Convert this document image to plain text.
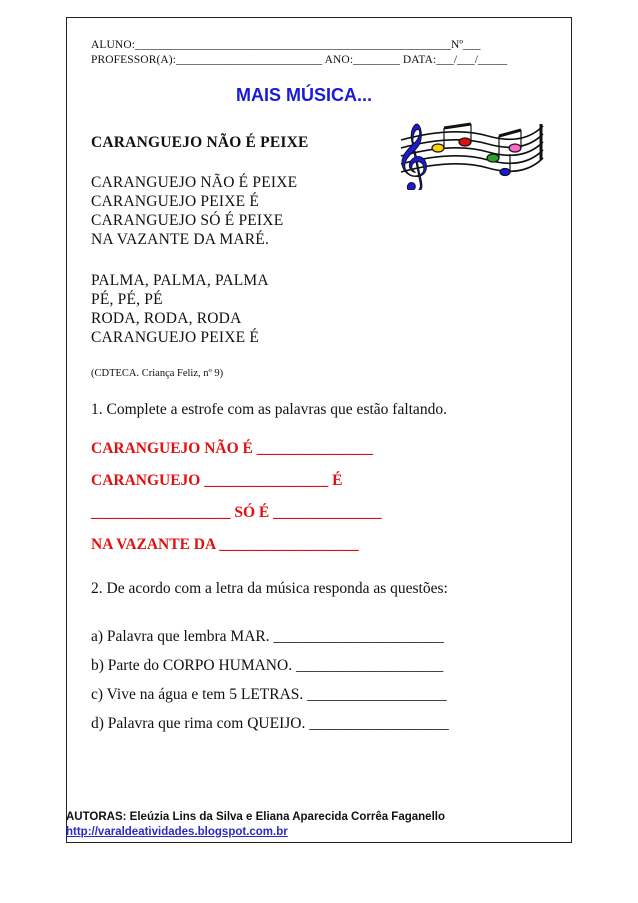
ALUNO:______________________________________________________Nº___
PROFESSOR(A):_________________________ ANO:________ DATA:___/___/_____
MAIS MÚSICA...

𝄞

CARANGUEJO NÃO É PEIXE
CARANGUEJO NÃO É PEIXE
CARANGUEJO PEIXE É
CARANGUEJO SÓ É PEIXE
NA VAZANTE DA MARÉ.
PALMA, PALMA, PALMA
PÉ, PÉ, PÉ
RODA, RODA, RODA
CARANGUEJO PEIXE É
(CDTECA. Criança Feliz, nº 9)
1. Complete a estrofe com as palavras que estão faltando.
CARANGUEJO NÃO É _______________
CARANGUEJO ________________ É
__________________ SÓ É ______________
NA VAZANTE DA __________________
2. De acordo com a letra da música responda as questões:
a) Palavra que lembra MAR. ______________________
b) Parte do CORPO HUMANO. ___________________
c) Vive na água e tem 5 LETRAS. __________________
d) Palavra que rima com QUEIJO. __________________
AUTORAS: Eleúzia Lins da Silva e Eliana Aparecida Corrêa Faganello
http://varaldeatividades.blogspot.com.br
